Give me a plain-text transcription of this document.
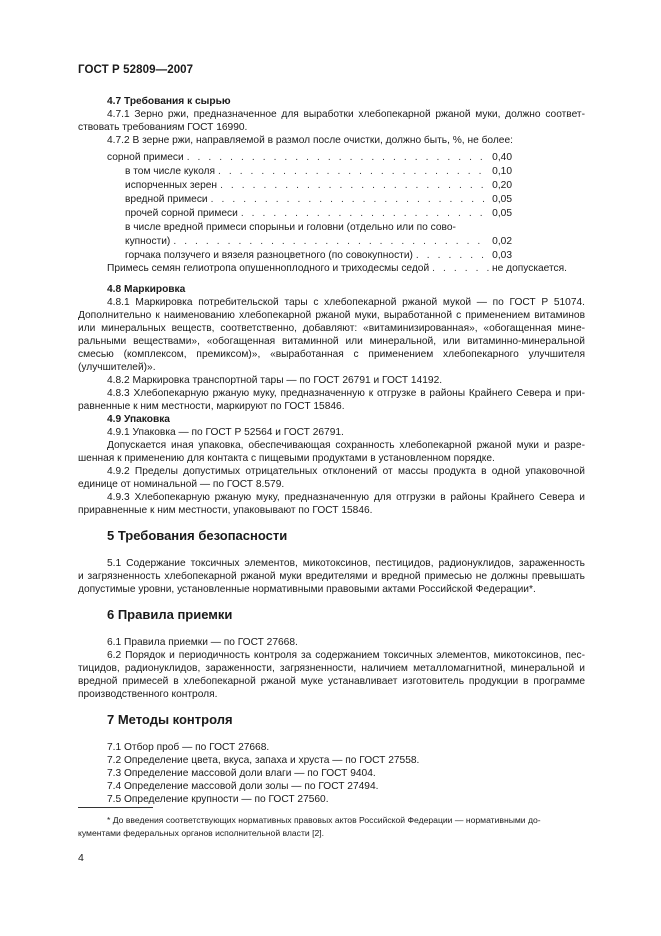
ГОСТ Р 52809—2007
4.7 Требования к сырью
4.7.1 Зерно ржи, предназначенное для выработки хлебопекарной ржаной муки, должно соответ-
ствовать требованиям ГОСТ 16990.
4.7.2 В зерне ржи, направляемой в размол после очистки, должно быть, %, не более:
сорной примеси . . .	0,40
в том числе куколя . . .	0,10
испорченных зерен . . .	0,20
вредной примеси . . .	0,05
прочей сорной примеси . . .	0,05
в числе вредной примеси спорыньи и головни (отдельно или по сово-
купности) . . .	0,02
горчака ползучего и вязеля разноцветного (по совокупности) . . .	0,03
Примесь семян гелиотропа опушенноплодного и триходесмы седой . . .	не допускается.
4.8 Маркировка
4.8.1 Маркировка потребительской тары с хлебопекарной ржаной мукой — по ГОСТ Р 51074.
Дополнительно к наименованию хлебопекарной ржаной муки, выработанной с применением витаминов
или минеральных веществ, соответственно, добавляют: «витаминизированная», «обогащенная мине-
ральными веществами», «обогащенная витаминной или минеральной, или витаминно-минеральной
смесью (комплексом, премиксом)», «выработанная с применением хлебопекарного улучшителя
(улучшителей)».
4.8.2 Маркировка транспортной тары — по ГОСТ 26791 и ГОСТ 14192.
4.8.3 Хлебопекарную ржаную муку, предназначенную к отгрузке в районы Крайнего Севера и при-
равненные к ним местности, маркируют по ГОСТ 15846.
4.9 Упаковка
4.9.1 Упаковка — по ГОСТ Р 52564 и ГОСТ 26791.
Допускается иная упаковка, обеспечивающая сохранность хлебопекарной ржаной муки и разре-
шенная к применению для контакта с пищевыми продуктами в установленном порядке.
4.9.2 Пределы допустимых отрицательных отклонений от массы продукта в одной упаковочной
единице от номинальной — по ГОСТ 8.579.
4.9.3 Хлебопекарную ржаную муку, предназначенную для отгрузки в районы Крайнего Севера и
приравненные к ним местности, упаковывают по ГОСТ 15846.
5 Требования безопасности
5.1 Содержание токсичных элементов, микотоксинов, пестицидов, радионуклидов, зараженность
и загрязненность хлебопекарной ржаной муки вредителями и вредной примесью не должны превышать
допустимые уровни, установленные нормативными правовыми актами Российской Федерации*.
6 Правила приемки
6.1 Правила приемки — по ГОСТ 27668.
6.2 Порядок и периодичность контроля за содержанием токсичных элементов, микотоксинов, пес-
тицидов, радионуклидов, зараженности, загрязненности, наличием металломагнитной, минеральной и
вредной примесей в хлебопекарной ржаной муке устанавливает изготовитель продукции в программе
производственного контроля.
7 Методы контроля
7.1 Отбор проб — по ГОСТ 27668.
7.2 Определение цвета, вкуса, запаха и хруста — по ГОСТ 27558.
7.3 Определение массовой доли влаги — по ГОСТ 9404.
7.4 Определение массовой доли золы — по ГОСТ 27494.
7.5 Определение крупности — по ГОСТ 27560.
* До введения соответствующих нормативных правовых актов Российской Федерации — нормативными до-
кументами федеральных органов исполнительной власти [2].
4
